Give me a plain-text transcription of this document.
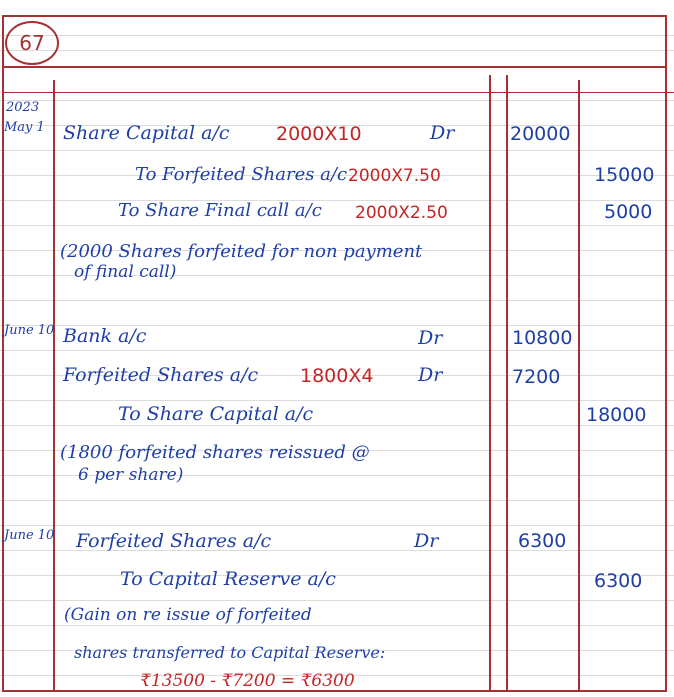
67
2023
May 1 Share Capital a/c 2000X10	Dr	20000
To Forfeited Shares a/c 2000X7.50	15000
To Share Final call a/c 2000X2.50	5000
(2000 Shares forfeited for non payment
of final call)
June 10 Bank a/c	Dr	10800
Forfeited Shares a/c 1800X4 Dr	7200
To Share Capital a/c	18000
(1800 forfeited shares reissued @
6 per share)
June 10 Forfeited Shares a/c	Dr	6300
To Capital Reserve a/c	6300
(Gain on re issue of forfeited
shares transferred to Capital Reserve:
₹13500 - ₹7200 = ₹6300
